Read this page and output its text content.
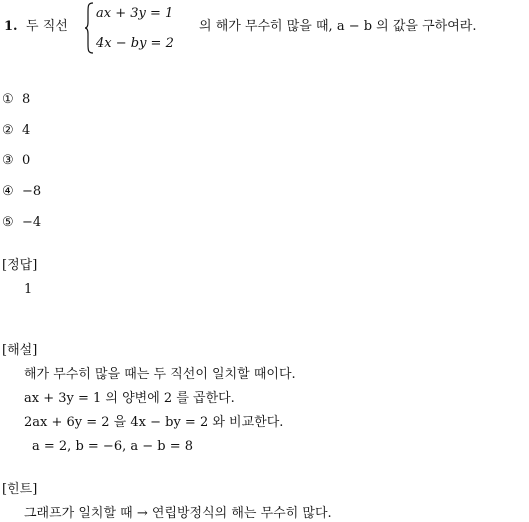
1. 두 직선
ax + 3y = 1
4x − by = 2
의 해가 무수히 많을 때, a − b 의 값을 구하여라.
① 8
② 4
③ 0
④ −8
⑤ −4
[정답]
1
[해설]
해가 무수히 많을 때는 두 직선이 일치할 때이다.
ax + 3y = 1 의 양변에 2 를 곱한다.
2ax + 6y = 2 을 4x − by = 2 와 비교한다.
a = 2, b = −6, a − b = 8
[힌트]
그래프가 일치할 때 → 연립방정식의 해는 무수히 많다.
